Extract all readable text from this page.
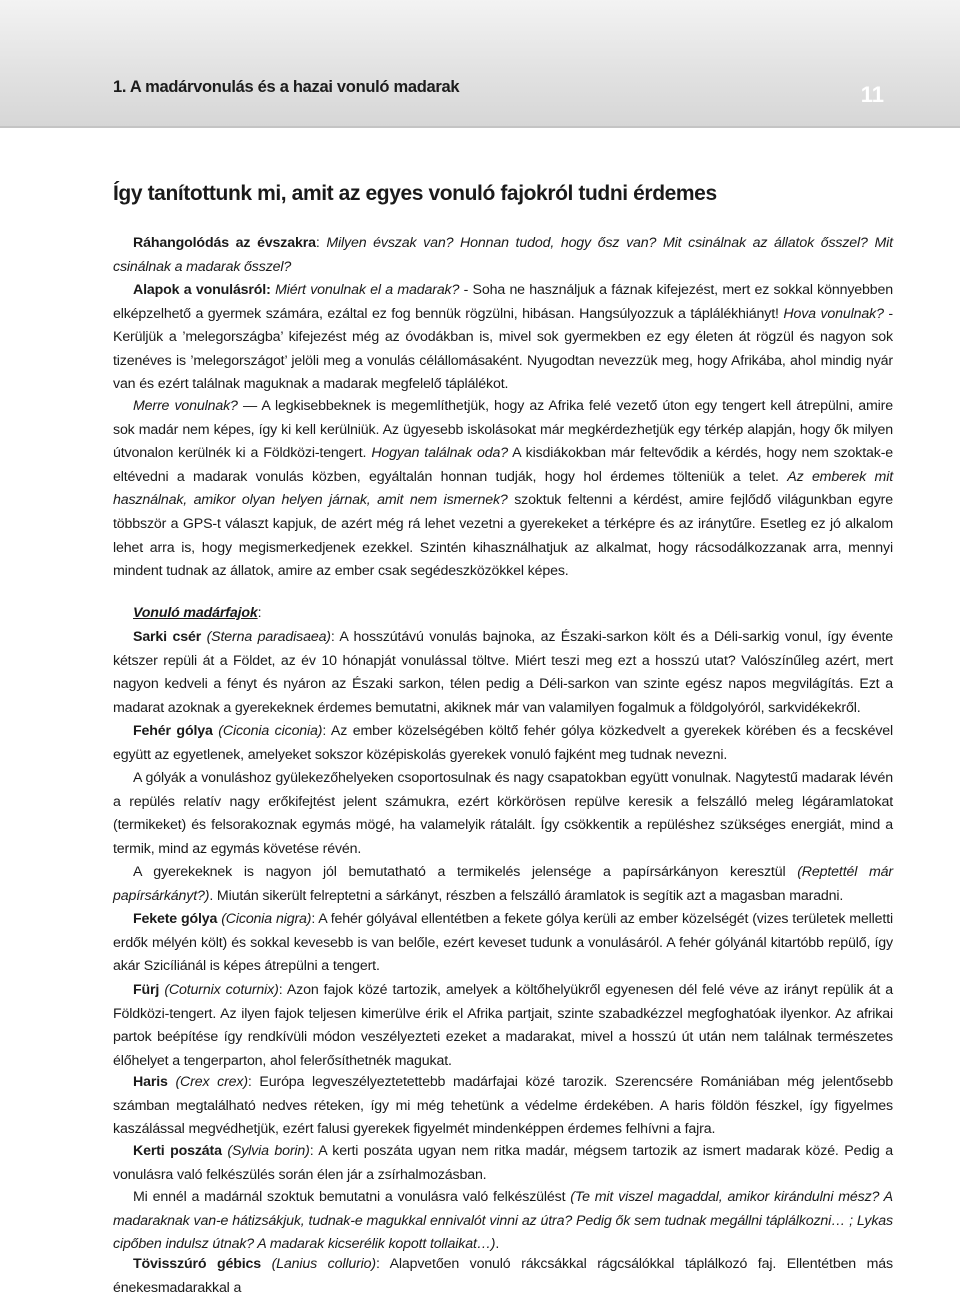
1. A madárvonulás és a hazai vonuló madarak	11
Így tanítottunk mi, amit az egyes vonuló fajokról tudni érdemes

Ráhangolódás az évszakra: Milyen évszak van? Honnan tudod, hogy ősz van? Mit csinálnak az állatok ősszel? Mit csinálnak a madarak ősszel?

Alapok a vonulásról: Miért vonulnak el a madarak? - Soha ne használjuk a fáznak kifejezést, mert ez sokkal könnyebben elképzelhető a gyermek számára, ezáltal ez fog bennük rögzülni, hibásan. Hangsúlyozzuk a táplálékhiányt! Hova vonulnak? - Kerüljük a ’melegországba’ kifejezést még az óvodákban is, mivel sok gyermekben ez egy életen át rögzül és nagyon sok tizenéves is ’melegországot’ jelöli meg a vonulás célállomásaként. Nyugodtan nevezzük meg, hogy Afrikába, ahol mindig nyár van és ezért találnak maguknak a madarak megfelelő táplálékot.

Merre vonulnak? — A legkisebbeknek is megemlíthetjük, hogy az Afrika felé vezető úton egy tengert kell átrepülni, amire sok madár nem képes, így ki kell kerülniük. Az ügyesebb iskolásokat már megkérdezhetjük egy térkép alapján, hogy ők milyen útvonalon kerülnék ki a Földközi-tengert. Hogyan találnak oda? A kisdiákokban már feltevődik a kérdés, hogy nem szoktak-e eltévedni a madarak vonulás közben, egyáltalán honnan tudják, hogy hol érdemes tölteniük a telet. Az emberek mit használnak, amikor olyan helyen járnak, amit nem ismernek? szoktuk feltenni a kérdést, amire fejlődő világunkban egyre többször a GPS-t választ kapjuk, de azért még rá lehet vezetni a gyerekeket a térképre és az iránytűre. Esetleg ez jó alkalom lehet arra is, hogy megismerkedjenek ezekkel. Szintén kihasználhatjuk az alkalmat, hogy rácsodálkozzanak arra, mennyi mindent tudnak az állatok, amire az ember csak segédeszközökkel képes.

Vonuló madárfajok:

Sarki csér (Sterna paradisaea): A hosszútávú vonulás bajnoka, az Északi-sarkon költ és a Déli-sarkig vonul, így évente kétszer repüli át a Földet, az év 10 hónapját vonulással töltve. Miért teszi meg ezt a hosszú utat? Valószínűleg azért, mert nagyon kedveli a fényt és nyáron az Északi sarkon, télen pedig a Déli-sarkon van szinte egész napos megvilágítás. Ezt a madarat azoknak a gyerekeknek érdemes bemutatni, akiknek már van valamilyen fogalmuk a földgolyóról, sarkvidékekről.

Fehér gólya (Ciconia ciconia): Az ember közelségében költő fehér gólya közkedvelt a gyerekek körében és a fecskével együtt az egyetlenek, amelyeket sokszor középiskolás gyerekek vonuló fajként meg tudnak nevezni.

A gólyák a vonuláshoz gyülekezőhelyeken csoportosulnak és nagy csapatokban együtt vonulnak. Nagytestű madarak lévén a repülés relatív nagy erőkifejtést jelent számukra, ezért körkörösen repülve keresik a felszálló meleg légáramlatokat (termikeket) és felsorakoznak egymás mögé, ha valamelyik rátalált. Így csökkentik a repüléshez szükséges energiát, mind a termik, mind az egymás követése révén.

A gyerekeknek is nagyon jól bemutatható a termikelés jelensége a papírsárkányon keresztül (Reptettél már papírsárkányt?). Miután sikerült felreptetni a sárkányt, részben a felszálló áramlatok is segítik azt a magasban maradni.

Fekete gólya (Ciconia nigra): A fehér gólyával ellentétben a fekete gólya kerüli az ember közelségét (vizes területek melletti erdők mélyén költ) és sokkal kevesebb is van belőle, ezért keveset tudunk a vonulásáról. A fehér gólyánál kitartóbb repülő, így akár Szicíliánál is képes átrepülni a tengert.

Fürj (Coturnix coturnix): Azon fajok közé tartozik, amelyek a költőhelyükről egyenesen dél felé véve az irányt repülik át a Földközi-tengert. Az ilyen fajok teljesen kimerülve érik el Afrika partjait, szinte szabadkézzel megfoghatóak ilyenkor. Az afrikai partok beépítése így rendkívüli módon veszélyezteti ezeket a madarakat, mivel a hosszú út után nem találnak természetes élőhelyet a tengerparton, ahol felerősíthetnék magukat.

Haris (Crex crex): Európa legveszélyeztetettebb madárfajai közé tarozik. Szerencsére Romániában még jelentősebb számban megtalálható nedves réteken, így mi még tehetünk a védelme érdekében. A haris földön fészkel, így figyelmes kaszálással megvédhetjük, ezért falusi gyerekek figyelmét mindenképpen érdemes felhívni a fajra.

Kerti poszáta (Sylvia borin): A kerti poszáta ugyan nem ritka madár, mégsem tartozik az ismert madarak közé. Pedig a vonulásra való felkészülés során élen jár a zsírhalmozásban.

Mi ennél a madárnál szoktuk bemutatni a vonulásra való felkészülést (Te mit viszel magaddal, amikor kirándulni mész? A madaraknak van-e hátizsákjuk, tudnak-e magukkal ennivalót vinni az útra? Pedig ők sem tudnak megállni táplálkozni… ; Lykas cipőben indulsz útnak? A madarak kicserélik kopott tollaikat…).

Tövisszúró gébics (Lanius collurio): Alapvetően vonuló rákcsákkal rágcsálókkal táplálkozó faj. Ellentétben más énekesmadarakkal a
